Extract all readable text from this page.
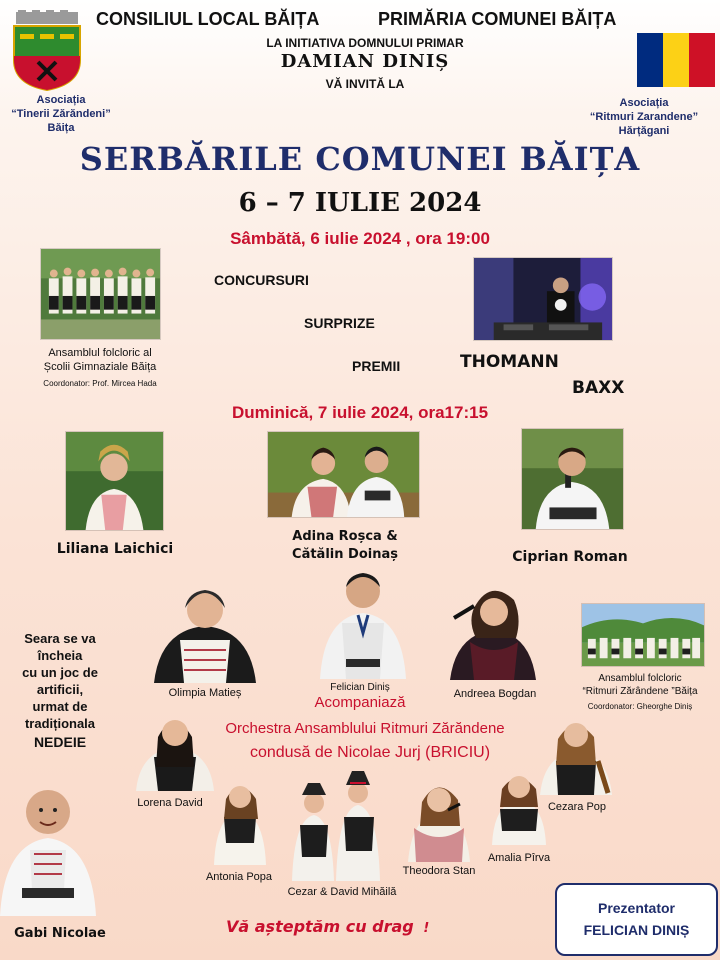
CONSILIUL LOCAL BĂIȚA	PRIMĂRIA COMUNEI BĂIȚA
LA INITIATIVA DOMNULUI PRIMAR
DAMIAN DINIȘ
VĂ INVITĂ LA
Asociația
“Tinerii Zărăndeni”
Băița
Asociația
“Ritmuri Zarandene”
Hărțăgani
SERBĂRILE COMUNEI BĂIȚA
6 – 7 IULIE 2024
Sâmbătă, 6 iulie 2024 , ora 19:00
Ansamblul folcloric al
Școlii Gimnaziale Băița
Coordonator: Prof. Mircea Hada
CONCURSURI
SURPRIZE
PREMII	THOMANN
BAXX
Duminică, 7 iulie 2024, ora17:15
Liliana Laichici
Adina Roșca &
Cătălin Doinaș	Ciprian Roman
Olimpia Matieș	Felician Diniș
Acompaniază	Andreea Bogdan
Ansamblul folcloric
“Ritmuri Zărândene ”Băița
Coordonator: Gheorghe Diniș
Seara se va
încheia
cu un joc de
artificii,
urmat de
tradiționala
NEDEIE
Orchestra Ansamblului Ritmuri Zărăndene
condusă de Nicolae Jurj (BRICIU)
Lorena David
Antonia Popa
Cezar & David Mihăilă
Theodora Stan
Amalia Pîrva
Cezara Pop
Gabi Nicolae	Vă așteptăm cu drag !
Prezentator
FELICIAN DINIȘ
